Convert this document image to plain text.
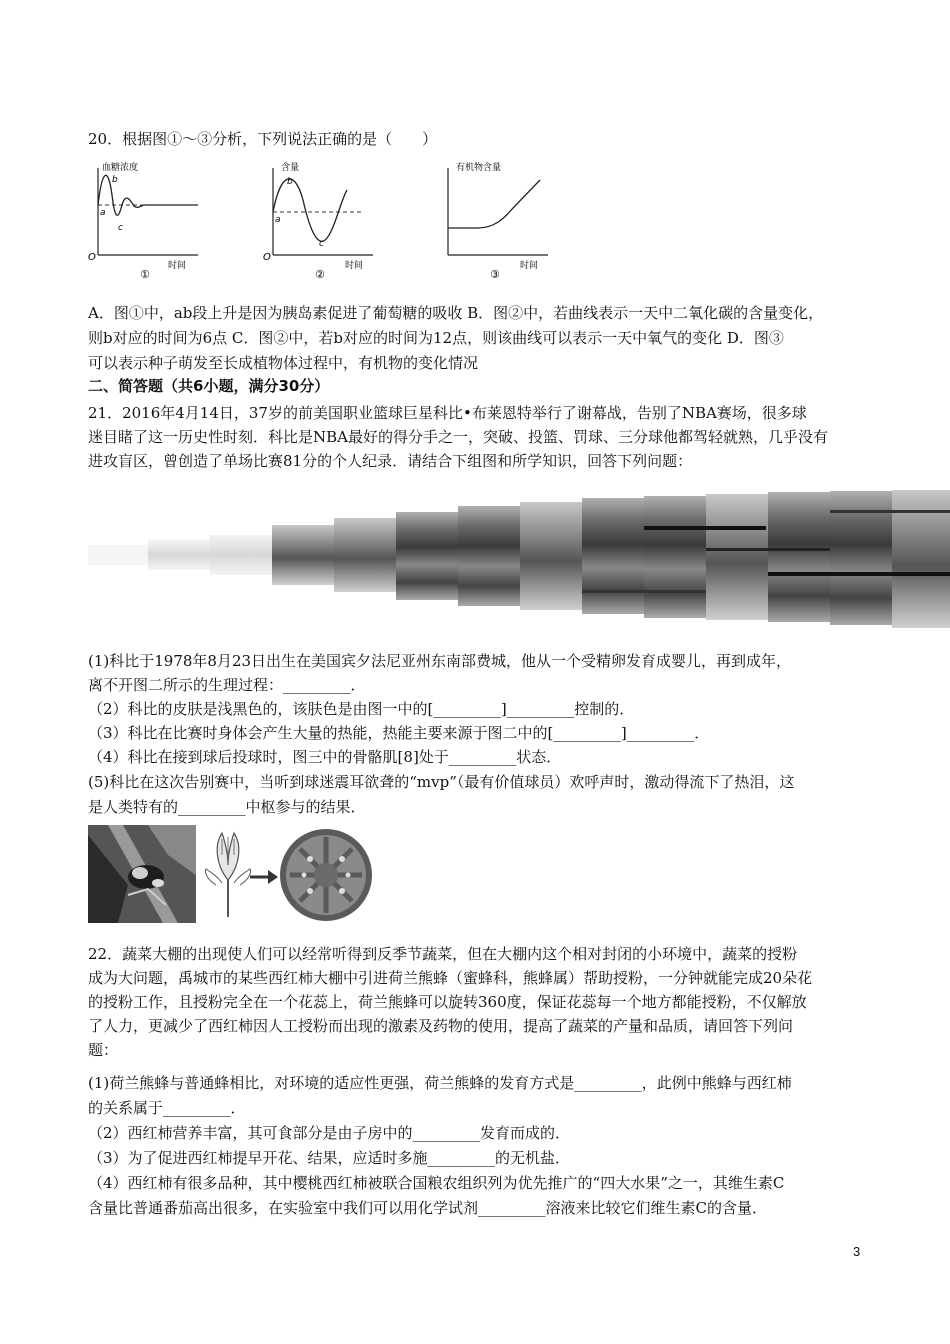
20．根据图①～③分析，下列说法正确的是（　　）
血糖浓度
O
时间
①
a
b
c
含量
O
时间
②
a
b
c
有机物含量
时间
③
A．图①中，ab段上升是因为胰岛素促进了葡萄糖的吸收 B．图②中，若曲线表示一天中二氧化碳的含量变化，
则b对应的时间为6点 C．图②中，若b对应的时间为12点，则该曲线可以表示一天中氧气的变化 D．图③
可以表示种子萌发至长成植物体过程中，有机物的变化情况
二、简答题（共6小题，满分30分）
21．2016年4月14日，37岁的前美国职业篮球巨星科比•布莱恩特举行了谢幕战，告别了NBA赛场，很多球
迷目睹了这一历史性时刻．科比是NBA最好的得分手之一，突破、投篮、罚球、三分球他都驾轻就熟，几乎没有
进攻盲区，曾创造了单场比赛81分的个人纪录．请结合下组图和所学知识，回答下列问题：
(1)科比于1978年8月23日出生在美国宾夕法尼亚州东南部费城，他从一个受精卵发育成婴儿，再到成年，
离不开图二所示的生理过程：_________．
（2）科比的皮肤是浅黑色的，该肤色是由图一中的[_________]_________控制的．
（3）科比在比赛时身体会产生大量的热能，热能主要来源于图二中的[_________]_________．
（4）科比在接到球后投球时，图三中的骨骼肌[8]处于_________状态．
(5)科比在这次告别赛中，当听到球迷震耳欲聋的“mvp”（最有价值球员）欢呼声时，激动得流下了热泪，这
是人类特有的_________中枢参与的结果．
22．蔬菜大棚的出现使人们可以经常听得到反季节蔬菜，但在大棚内这个相对封闭的小环境中，蔬菜的授粉
成为大问题，禹城市的某些西红柿大棚中引进荷兰熊蜂（蜜蜂科，熊蜂属）帮助授粉，一分钟就能完成20朵花
的授粉工作，且授粉完全在一个花蕊上，荷兰熊蜂可以旋转360度，保证花蕊每一个地方都能授粉，不仅解放
了人力，更减少了西红柿因人工授粉而出现的激素及药物的使用，提高了蔬菜的产量和品质，请回答下列问
题：
(1)荷兰熊蜂与普通蜂相比，对环境的适应性更强，荷兰熊蜂的发育方式是_________，此例中熊蜂与西红柿
的关系属于_________．
（2）西红柿营养丰富，其可食部分是由子房中的_________发育而成的．
（3）为了促进西红柿提早开花、结果，应适时多施_________的无机盐．
（4）西红柿有很多品种，其中樱桃西红柿被联合国粮农组织列为优先推广的“四大水果”之一，其维生素C
含量比普通番茄高出很多，在实验室中我们可以用化学试剂_________溶液来比较它们维生素C的含量．
3
